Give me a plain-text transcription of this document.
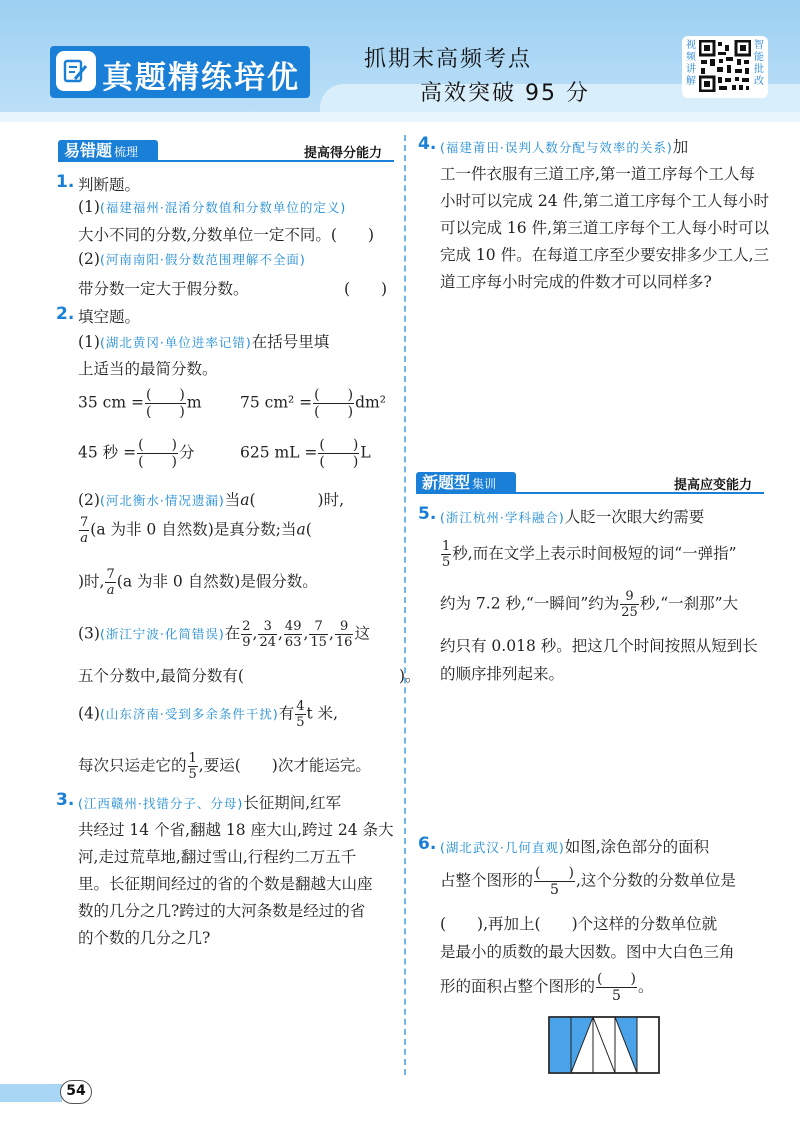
真题精练培优
抓期末高频考点
高效突破 95 分
视频讲解
智能批改
易错题 梳理	提高得分能力
1. 判断题。
(1)(福建福州·混淆分数值和分数单位的定义)
大小不同的分数,分数单位一定不同。(　　)
(2)(河南南阳·假分数范围理解不全面)
带分数一定大于假分数。	(　　)
2. 填空题。
(1)(湖北黄冈·单位进率记错)在括号里填
上适当的最简分数。
35 cm = $\frac{( )}{( )}$ m 75 $cm^2 = \frac{( )}{( )} dm^2$
45 秒 = $\frac{( )}{( )}$ 分	625 mL = $\frac{( )}{( )}$ L
(2)(河北衡水·情况遗漏)当a(　　　　)时,
$\frac{7}{a} (a$ 为非 0 自然数)是真分数;当a(　　　　　　
)时, $\frac{7}{a} (a$ 为非 0 自然数)是假分数。
(3)(浙江宁波·化简错误)在 $\frac{2}{9}$ , $\frac{3}{24}$ , $\frac{49}{63}$ , $\frac{7}{15}$ , $\frac{9}{16}$ 这
五个分数中,最简分数有(　　　　　　　　　　)。
(4)(山东济南·受到多余条件干扰)有 $\frac{4}{5}$ t 米,
每次只运走它的 $\frac{1}{5}$ ,要运(　　)次才能运完。
3. (江西赣州·找错分子、分母)长征期间,红军
共经过 14 个省,翻越 18 座大山,跨过 24 条大
河,走过荒草地,翻过雪山,行程约二万五千
里。长征期间经过的省的个数是翻越大山座
数的几分之几?跨过的大河条数是经过的省
的个数的几分之几?
4. (福建莆田·误判人数分配与效率的关系)加
工一件衣服有三道工序,第一道工序每个工人每
小时可以完成 24 件,第二道工序每个工人每小时
可以完成 16 件,第三道工序每个工人每小时可以
完成 10 件。在每道工序至少要安排多少工人,三
道工序每小时完成的件数才可以同样多?
新题型 集训	提高应变能力
5. (浙江杭州·学科融合)人眨一次眼大约需要
$\frac{1}{5}$ 秒,而在文学上表示时间极短的词“一弹指”
约为 7.2 秒,“一瞬间”约为 $\frac{9}{25}$ 秒,“一刹那”大
约只有 0.018 秒。把这几个时间按照从短到长
的顺序排列起来。
6. (湖北武汉·几何直观)如图,涂色部分的面积
占整个图形的 $\frac{( )}{5}$ ,这个分数的分数单位是
(　　),再加上(　　)个这样的分数单位就
是最小的质数的最大因数。图中大白色三角
形的面积占整个图形的 $\frac{( )}{5}$ 。
54
